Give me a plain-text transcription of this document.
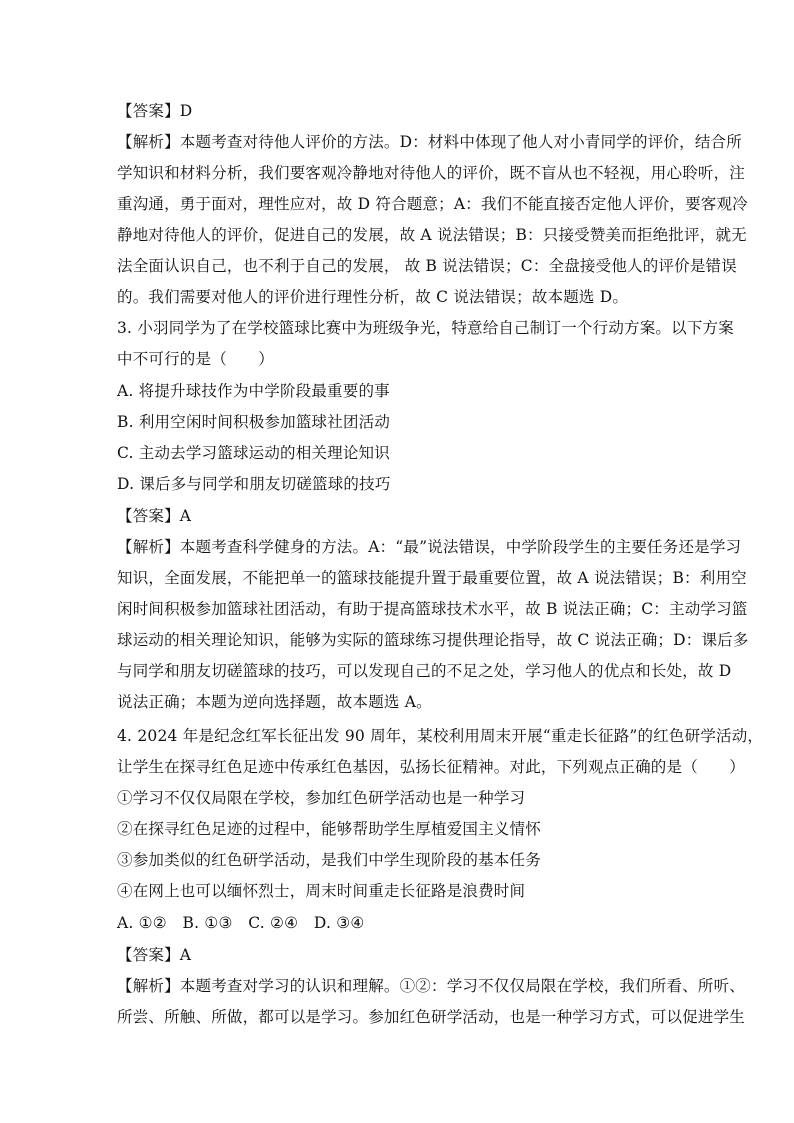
【答案】D
【解析】本题考查对待他人评价的方法。D：材料中体现了他人对小青同学的评价，结合所
学知识和材料分析，我们要客观冷静地对待他人的评价，既不盲从也不轻视，用心聆听，注
重沟通，勇于面对，理性应对，故 D 符合题意；A：我们不能直接否定他人评价，要客观冷
静地对待他人的评价，促进自己的发展，故 A 说法错误；B：只接受赞美而拒绝批评，就无
法全面认识自己，也不利于自己的发展， 故 B 说法错误；C：全盘接受他人的评价是错误
的。我们需要对他人的评价进行理性分析，故 C 说法错误；故本题选 D。
3. 小羽同学为了在学校篮球比赛中为班级争光，特意给自己制订一个行动方案。以下方案
中不可行的是（　　）
A. 将提升球技作为中学阶段最重要的事
B. 利用空闲时间积极参加篮球社团活动
C. 主动去学习篮球运动的相关理论知识
D. 课后多与同学和朋友切磋篮球的技巧
【答案】A
【解析】本题考查科学健身的方法。A：“最”说法错误，中学阶段学生的主要任务还是学习
知识，全面发展，不能把单一的篮球技能提升置于最重要位置，故 A 说法错误；B：利用空
闲时间积极参加篮球社团活动，有助于提高篮球技术水平，故 B 说法正确；C：主动学习篮
球运动的相关理论知识，能够为实际的篮球练习提供理论指导，故 C 说法正确；D：课后多
与同学和朋友切磋篮球的技巧，可以发现自己的不足之处，学习他人的优点和长处，故 D
说法正确；本题为逆向选择题，故本题选 A。
4. 2024 年是纪念红军长征出发 90 周年，某校利用周末开展“重走长征路”的红色研学活动，
让学生在探寻红色足迹中传承红色基因，弘扬长征精神。对此，下列观点正确的是（　　）
①学习不仅仅局限在学校，参加红色研学活动也是一种学习
②在探寻红色足迹的过程中，能够帮助学生厚植爱国主义情怀
③参加类似的红色研学活动，是我们中学生现阶段的基本任务
④在网上也可以缅怀烈士，周末时间重走长征路是浪费时间
A. ①②　B. ①③　C. ②④　D. ③④
【答案】A
【解析】本题考查对学习的认识和理解。①②：学习不仅仅局限在学校，我们所看、所听、
所尝、所触、所做，都可以是学习。参加红色研学活动，也是一种学习方式，可以促进学生
